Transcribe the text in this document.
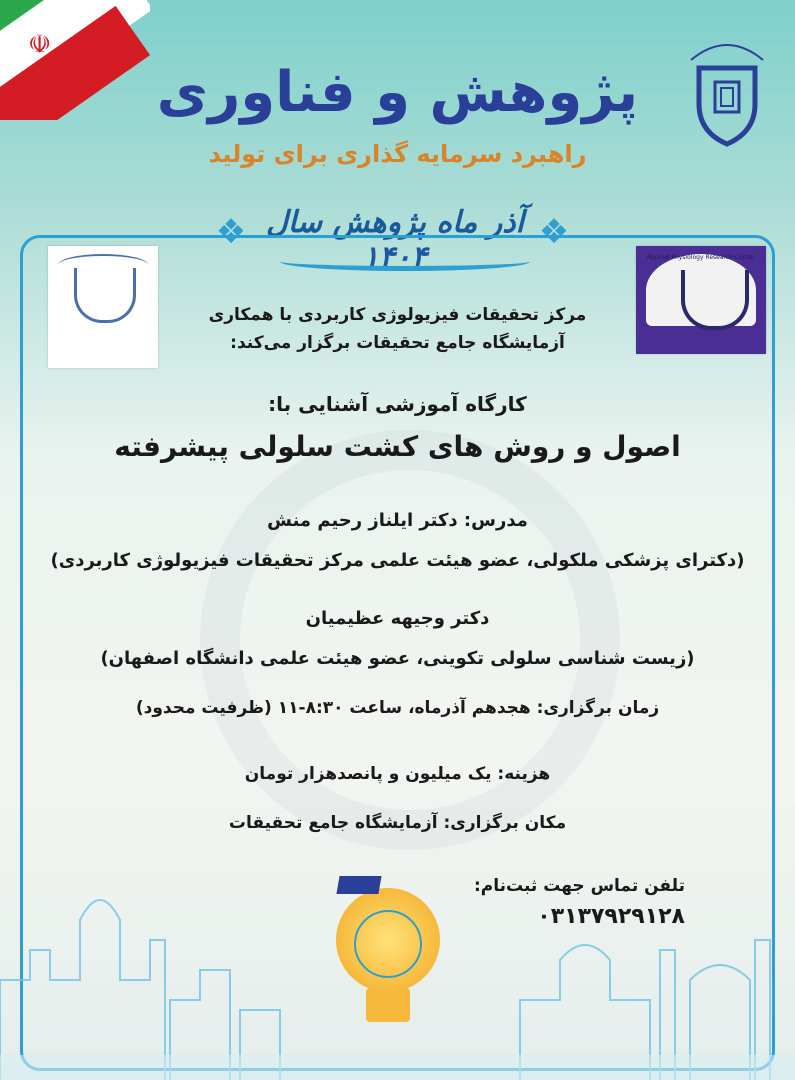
☫
پژوهش و فناوری
راهبرد سرمایه گذاری برای تولید
❖ آذر ماه پژوهش سال ۱۴۰۴
❖
Applied Physiology Research Center
مرکز تحقیقات فیزیولوژی کاربردی با همکاری
آزمایشگاه جامع تحقیقات برگزار می‌کند:
کارگاه آموزشی آشنایی با:
اصول و روش های کشت سلولی پیشرفته
مدرس: دکتر ایلناز رحیم منش
(دکترای پزشکی ملکولی، عضو هیئت علمی مرکز تحقیقات فیزیولوژی کاربردی)
دکتر وجیهه عظیمیان
(زیست شناسی سلولی تکوینی، عضو هیئت علمی دانشگاه اصفهان)
زمان برگزاری: هجدهم آذرماه، ساعت ۸:۳۰-۱۱ (ظرفیت محدود)
هزینه: یک میلیون و پانصدهزار تومان
مکان برگزاری: آزمایشگاه جامع تحقیقات
تلفن تماس جهت ثبت‌نام:
۰۳۱۳۷۹۲۹۱۲۸
